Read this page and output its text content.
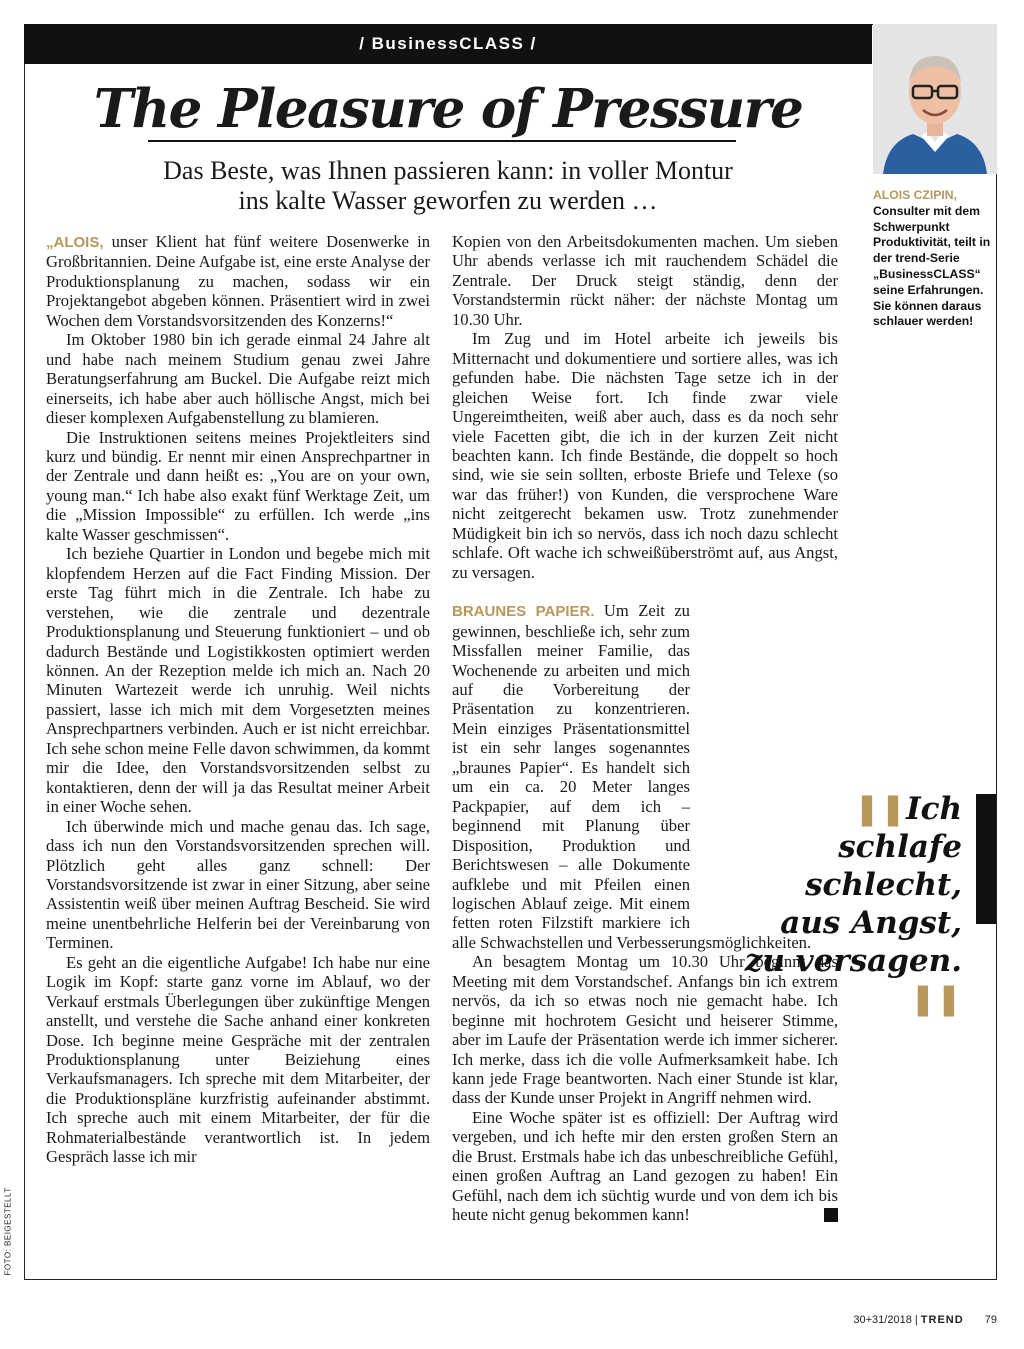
/ BusinessCLASS /
The Pleasure of Pressure
Das Beste, was Ihnen passieren kann: in voller Montur
ins kalte Wasser geworfen zu werden …	ALOIS CZIPIN,
Consulter mit dem Schwerpunkt Produktivität, teilt in der trend-Serie „BusinessCLASS“ seine Erfahrungen. Sie können daraus schlauer werden!

„ALOIS, unser Klient hat fünf weitere Dosenwerke in Großbritannien. Deine Aufgabe ist, eine erste Analyse der Produktionsplanung zu machen, sodass wir ein Projektangebot abgeben können. Präsentiert wird in zwei Wochen dem Vorstandsvorsitzenden des Konzerns!“

Im Oktober 1980 bin ich gerade einmal 24 Jahre alt und habe nach meinem Studium genau zwei Jahre Beratungserfahrung am Buckel. Die Aufgabe reizt mich einerseits, ich habe aber auch höllische Angst, mich bei dieser komplexen Aufgabenstellung zu blamieren.

Die Instruktionen seitens meines Projektleiters sind kurz und bündig. Er nennt mir einen Ansprechpartner in der Zentrale und dann heißt es: „You are on your own, young man.“ Ich habe also exakt fünf Werktage Zeit, um die „Mission Impossible“ zu erfüllen. Ich werde „ins kalte Wasser geschmissen“.

Ich beziehe Quartier in London und begebe mich mit klopfendem Herzen auf die Fact Finding Mission. Der erste Tag führt mich in die Zentrale. Ich habe zu verstehen, wie die zentrale und dezentrale Produktionsplanung und Steuerung funktioniert – und ob dadurch Bestände und Logistikkosten optimiert werden können. An der Rezeption melde ich mich an. Nach 20 Minuten Wartezeit werde ich unruhig. Weil nichts passiert, lasse ich mich mit dem Vorgesetzten meines Ansprechpartners verbinden. Auch er ist nicht erreichbar. Ich sehe schon meine Felle davon schwimmen, da kommt mir die Idee, den Vorstandsvorsitzenden selbst zu kontaktieren, denn der will ja das Resultat meiner Arbeit in einer Woche sehen.

Ich überwinde mich und mache genau das. Ich sage, dass ich nun den Vorstandsvorsitzenden sprechen will. Plötzlich geht alles ganz schnell: Der Vorstandsvorsitzende ist zwar in einer Sitzung, aber seine Assistentin weiß über meinen Auftrag Bescheid. Sie wird meine unentbehrliche Helferin bei der Vereinbarung von Terminen.

Es geht an die eigentliche Aufgabe! Ich habe nur eine Logik im Kopf: starte ganz vorne im Ablauf, wo der Verkauf erstmals Überlegungen über zukünftige Mengen anstellt, und verstehe die Sache anhand einer konkreten Dose. Ich beginne meine Gespräche mit der zentralen Produktionsplanung unter Beiziehung eines Verkaufsmanagers. Ich spreche mit dem Mitarbeiter, der die Produktionspläne kurzfristig aufeinander abstimmt. Ich spreche auch mit einem Mitarbeiter, der für die Rohmaterialbestände verantwortlich ist. In jedem Gespräch lasse ich mir

Kopien von den Arbeitsdokumenten machen. Um sieben Uhr abends verlasse ich mit rauchendem Schädel die Zentrale. Der Druck steigt ständig, denn der Vorstandstermin rückt näher: der nächste Montag um 10.30 Uhr.

Im Zug und im Hotel arbeite ich jeweils bis Mitternacht und dokumentiere und sortiere alles, was ich gefunden habe. Die nächsten Tage setze ich in der gleichen Weise fort. Ich finde zwar viele Ungereimtheiten, weiß aber auch, dass es da noch sehr viele Facetten gibt, die ich in der kurzen Zeit nicht beachten kann. Ich finde Bestände, die doppelt so hoch sind, wie sie sein sollten, erboste Briefe und Telexe (so war das früher!) von Kunden, die versprochene Ware nicht zeitgerecht bekamen usw. Trotz zunehmender Müdigkeit bin ich so nervös, dass ich noch dazu schlecht schlafe. Oft wache ich schweißüberströmt auf, aus Angst, zu versagen.

BRAUNES PAPIER. Um Zeit zu gewinnen, beschließe ich, sehr zum Missfallen meiner Familie, das Wochenende zu arbeiten und mich auf die Vorbereitung der Präsentation zu konzentrieren. Mein einziges Präsentationsmittel ist ein sehr langes sogenanntes „braunes Papier“. Es handelt sich um ein ca. 20 Meter langes Packpapier, auf dem ich – beginnend mit Planung über Disposition, Produktion und Berichtswesen – alle Dokumente aufklebe und mit Pfeilen einen logischen Ablauf zeige. Mit einem fetten roten Filzstift markiere ich alle Schwachstellen und Verbesserungsmöglichkeiten.

An besagtem Montag um 10.30 Uhr beginnt das Meeting mit dem Vorstandschef. Anfangs bin ich extrem nervös, da ich so etwas noch nie gemacht habe. Ich beginne mit hochrotem Gesicht und heiserer Stimme, aber im Laufe der Präsentation werde ich immer sicherer. Ich merke, dass ich die volle Aufmerksamkeit habe. Ich kann jede Frage beantworten. Nach einer Stunde ist klar, dass der Kunde unser Projekt in Angriff nehmen wird.

Eine Woche später ist es offiziell: Der Auftrag wird vergeben, und ich hefte mir den ersten großen Stern an die Brust. Erstmals habe ich das unbeschreibliche Gefühl, einen großen Auftrag an Land gezogen zu haben! Ein Gefühl, nach dem ich süchtig wurde und von dem ich bis heute nicht genug bekommen kann!	T

❚❚Ich schlafe schlecht, aus Angst, zu versagen. ❚❚
FOTO: BEIGESTELLT
30+31/2018 | TREND 79
